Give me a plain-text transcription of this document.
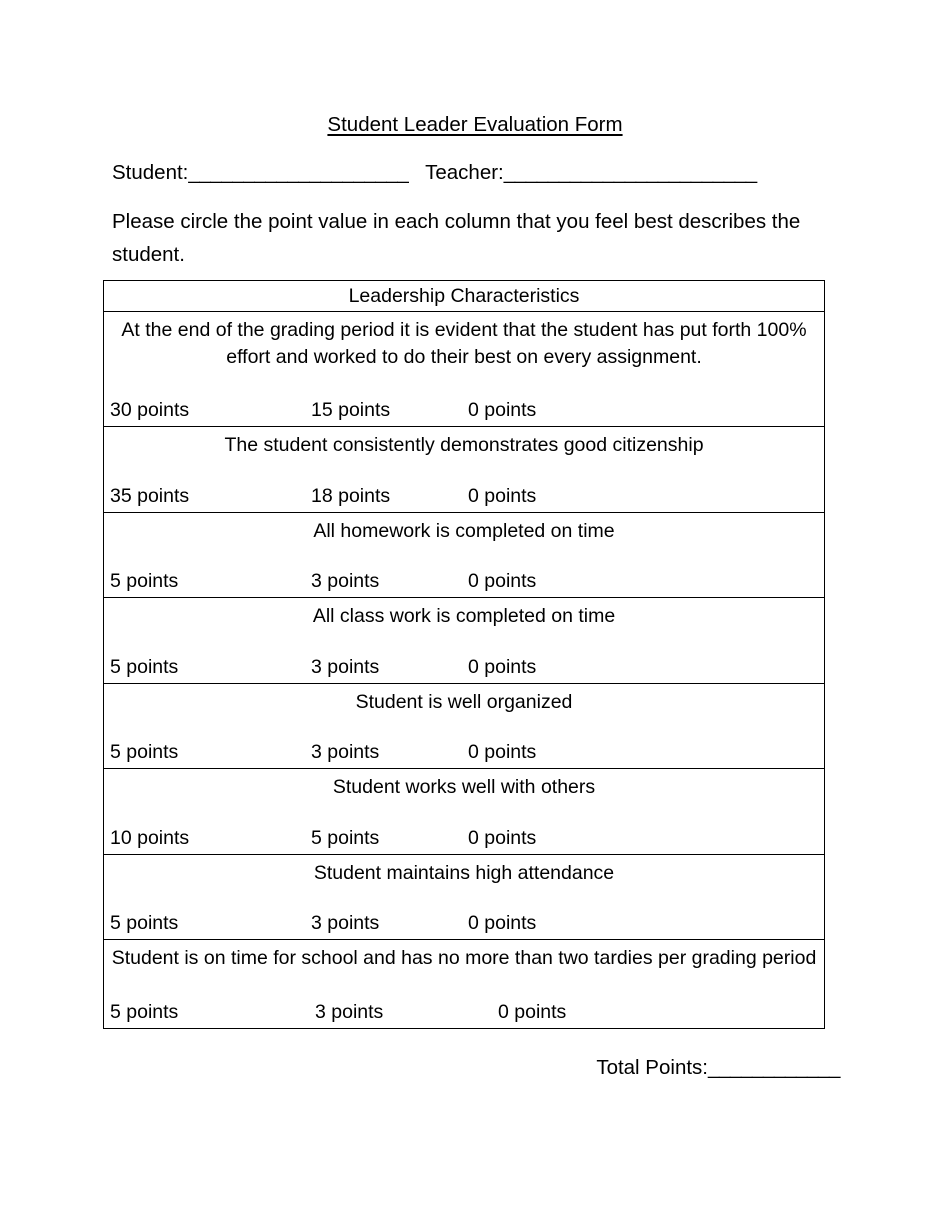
Student Leader Evaluation Form
Student:____________________ Teacher:_______________________
Please circle the point value in each column that you feel best describes the student.
Leadership Characteristics

At the end of the grading period it is evident that the student has put forth 100% effort and worked to do their best on every assignment.
30 points	15 points	0 points

The student consistently demonstrates good citizenship
35 points	18 points	0 points

All homework is completed on time
5 points	3 points	0 points

All class work is completed on time
5 points	3 points	0 points

Student is well organized
5 points	3 points	0 points

Student works well with others
10 points	5 points	0 points

Student maintains high attendance
5 points	3 points	0 points

Student is on time for school and has no more than two tardies per grading period
5 points	3 points	0 points
Total Points:____________
